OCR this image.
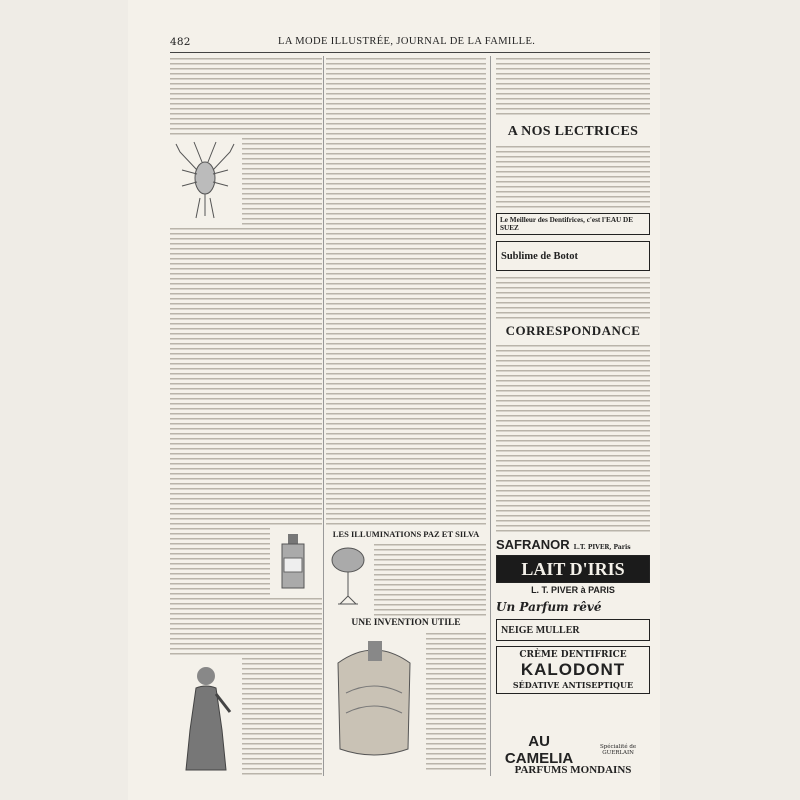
482	LA MODE ILLUSTRÉE, JOURNAL DE LA FAMILLE.
LES ILLUMINATIONS PAZ ET SILVA
UNE INVENTION UTILE
A NOS LECTRICES
Le Meilleur des Dentifrices, c'est l'EAU DE SUEZ
Sublime de Botot
CORRESPONDANCE
SAFRANOR L.T. PIVER, Paris
LAIT D'IRIS
L. T. PIVER à PARIS
Un Parfum rêvé
NEIGE MULLER
CRÈME DENTIFRICE
KALODONT
SÉDATIVE ANTISEPTIQUE
AU CAMELIA
Spécialité de GUERLAIN
PARFUMS MONDAINS
